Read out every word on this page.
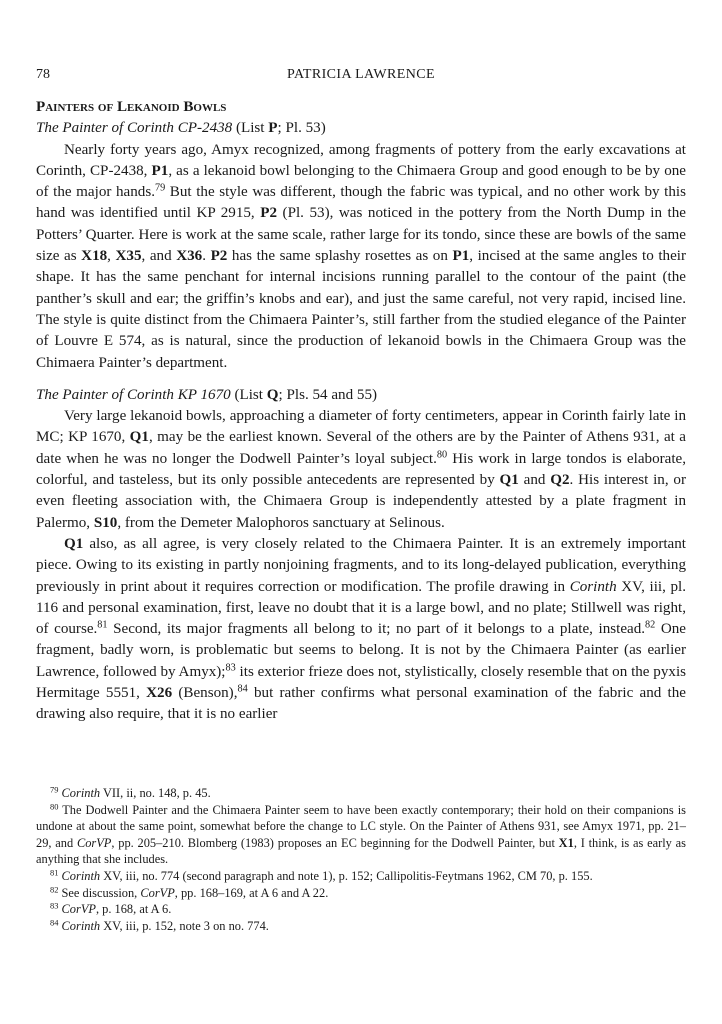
78	PATRICIA LAWRENCE
Painters of Lekanoid Bowls

The Painter of Corinth CP-2438 (List P; Pl. 53)

Nearly forty years ago, Amyx recognized, among fragments of pottery from the early excavations at Corinth, CP-2438, P1, as a lekanoid bowl belonging to the Chimaera Group and good enough to be by one of the major hands.$^{79}$ But the style was different, though the fabric was typical, and no other work by this hand was identified until KP 2915, P2 (Pl. 53), was noticed in the pottery from the North Dump in the Potters’ Quarter. Here is work at the same scale, rather large for its tondo, since these are bowls of the same size as X18, X35, and X36. P2 has the same splashy rosettes as on P1, incised at the same angles to their shape. It has the same penchant for internal incisions running parallel to the contour of the paint (the panther’s skull and ear; the griffin’s knobs and ear), and just the same careful, not very rapid, incised line. The style is quite distinct from the Chimaera Painter’s, still farther from the studied elegance of the Painter of Louvre E 574, as is natural, since the production of lekanoid bowls in the Chimaera Group was the Chimaera Painter’s department.

The Painter of Corinth KP 1670 (List Q; Pls. 54 and 55)

Very large lekanoid bowls, approaching a diameter of forty centimeters, appear in Corinth fairly late in MC; KP 1670, Q1, may be the earliest known. Several of the others are by the Painter of Athens 931, at a date when he was no longer the Dodwell Painter’s loyal subject.$^{80}$ His work in large tondos is elaborate, colorful, and tasteless, but its only possible antecedents are represented by Q1 and Q2. His interest in, or even fleeting association with, the Chimaera Group is independently attested by a plate fragment in Palermo, S10, from the Demeter Malophoros sanctuary at Selinous.

Q1 also, as all agree, is very closely related to the Chimaera Painter. It is an extremely important piece. Owing to its existing in partly nonjoining fragments, and to its long-delayed publication, everything previously in print about it requires correction or modification. The profile drawing in Corinth XV, iii, pl. 116 and personal examination, first, leave no doubt that it is a large bowl, and no plate; Stillwell was right, of course.$^{81}$ Second, its major fragments all belong to it; no part of it belongs to a plate, instead.$^{82}$ One fragment, badly worn, is problematic but seems to belong. It is not by the Chimaera Painter (as earlier Lawrence, followed by Amyx);$^{83}$ its exterior frieze does not, stylistically, closely resemble that on the pyxis Hermitage 5551, X26 (Benson),$^{84}$ but rather confirms what personal examination of the fabric and the drawing also require, that it is no earlier

$^{79}$ Corinth VII, ii, no. 148, p. 45.

$^{80}$ The Dodwell Painter and the Chimaera Painter seem to have been exactly contemporary; their hold on their companions is undone at about the same point, somewhat before the change to LC style. On the Painter of Athens 931, see Amyx 1971, pp. 21–29, and CorVP, pp. 205–210. Blomberg (1983) proposes an EC beginning for the Dodwell Painter, but X1, I think, is as early as anything that she includes.

$^{81}$ Corinth XV, iii, no. 774 (second paragraph and note 1), p. 152; Callipolitis-Feytmans 1962, CM 70, p. 155.

$^{82}$ See discussion, CorVP, pp. 168–169, at A 6 and A 22.

$^{83}$ CorVP, p. 168, at A 6.

$^{84}$ Corinth XV, iii, p. 152, note 3 on no. 774.
